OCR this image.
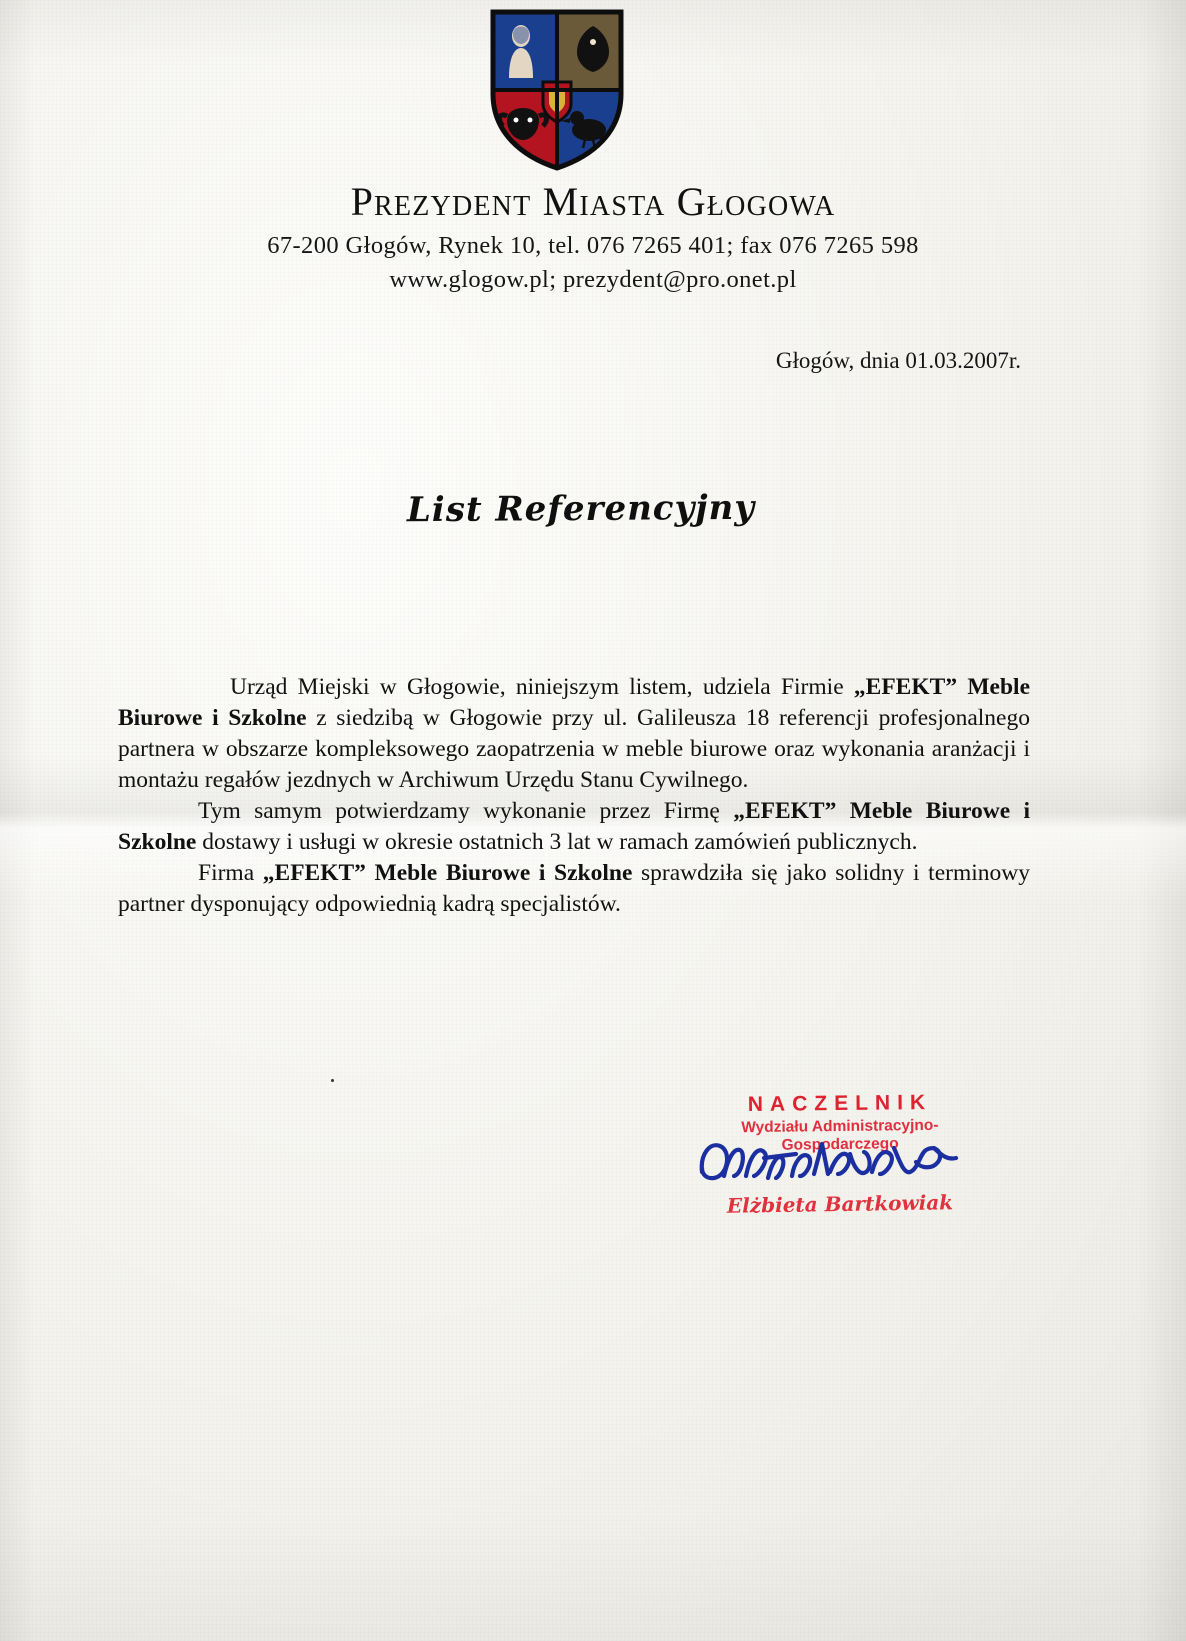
Prezydent Miasta Głogowa
67-200 Głogów, Rynek 10, tel. 076 7265 401; fax 076 7265 598
www.glogow.pl; prezydent@pro.onet.pl
Głogów, dnia 01.03.2007r.
List Referencyjny

Urząd Miejski w Głogowie, niniejszym listem, udziela Firmie „EFEKT” Meble Biurowe i Szkolne z siedzibą w Głogowie przy ul. Galileusza 18 referencji profesjonalnego partnera w obszarze kompleksowego zaopatrzenia w meble biurowe oraz wykonania aranżacji i montażu regałów jezdnych w Archiwum Urzędu Stanu Cywilnego.

Tym samym potwierdzamy wykonanie przez Firmę „EFEKT” Meble Biurowe i Szkolne dostawy i usługi w okresie ostatnich 3 lat w ramach zamówień publicznych.

Firma „EFEKT” Meble Biurowe i Szkolne sprawdziła się jako solidny i terminowy partner dysponujący odpowiednią kadrą specjalistów.

NACZELNIK
Wydziału Administracyjno-Gospodarczego
Elżbieta Bartkowiak
